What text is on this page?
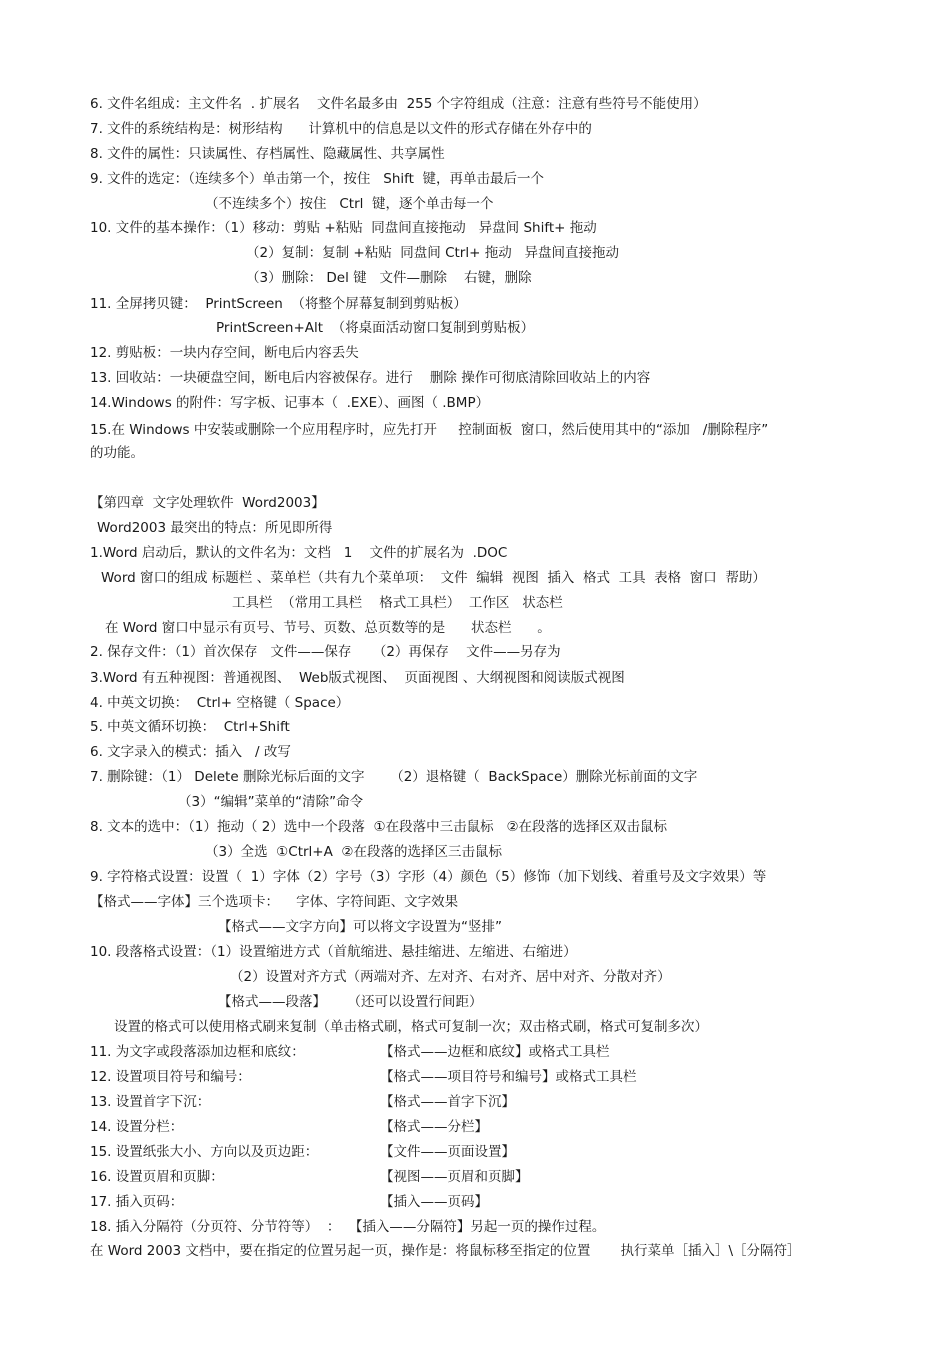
6. 文件名组成：主文件名  . 扩展名    文件名最多由  255 个字符组成（注意：注意有些符号不能使用）
7. 文件的系统结构是：树形结构      计算机中的信息是以文件的形式存储在外存中的
8. 文件的属性：只读属性、存档属性、隐藏属性、共享属性
9. 文件的选定：（连续多个）单击第一个，按住   Shift  键，再单击最后一个
（不连续多个）按住   Ctrl  键，逐个单击每一个
10. 文件的基本操作：（1）移动：剪贴 +粘贴  同盘间直接拖动   异盘间 Shift+ 拖动
（2）复制：复制 +粘贴  同盘间 Ctrl+ 拖动   异盘间直接拖动
（3）删除： Del 键   文件—删除    右键，删除
11. 全屏拷贝键：  PrintScreen  （将整个屏幕复制到剪贴板）
PrintScreen+Alt  （将桌面活动窗口复制到剪贴板）
12. 剪贴板：一块内存空间，断电后内容丢失
13. 回收站：一块硬盘空间，断电后内容被保存。进行    删除 操作可彻底清除回收站上的内容
14.Windows 的附件：写字板、记事本（  .EXE）、画图（ .BMP）
15.在 Windows 中安装或删除一个应用程序时，应先打开     控制面板  窗口，然后使用其中的“添加   /删除程序”
的功能。
【第四章  文字处理软件  Word2003】
Word2003 最突出的特点：所见即所得
1.Word 启动后，默认的文件名为：文档   1    文件的扩展名为  .DOC
Word 窗口的组成 标题栏 、菜单栏（共有九个菜单项：  文件  编辑  视图  插入  格式  工具  表格  窗口  帮助）
工具栏  （常用工具栏    格式工具栏）  工作区   状态栏
在 Word 窗口中显示有页号、节号、页数、总页数等的是      状态栏      。
2. 保存文件：（1）首次保存   文件——保存     （2）再保存    文件——另存为
3.Word 有五种视图：普通视图、  Web版式视图、  页面视图 、大纲视图和阅读版式视图
4. 中英文切换：  Ctrl+ 空格键（ Space）
5. 中英文循环切换：  Ctrl+Shift
6. 文字录入的模式：插入   / 改写
7. 删除键：（1） Delete 删除光标后面的文字      （2）退格键（  BackSpace）删除光标前面的文字
（3）“编辑”菜单的“清除”命令
8. 文本的选中：（1）拖动（ 2）选中一个段落  ①在段落中三击鼠标   ②在段落的选择区双击鼠标
（3）全选  ①Ctrl+A  ②在段落的选择区三击鼠标
9. 字符格式设置：设置（  1）字体（2）字号（3）字形（4）颜色（5）修饰（加下划线、着重号及文字效果）等
【格式——字体】三个选项卡：    字体、字符间距、文字效果
【格式——文字方向】可以将文字设置为“竖排”
10. 段落格式设置：（1）设置缩进方式（首航缩进、悬挂缩进、左缩进、右缩进）
（2）设置对齐方式（两端对齐、左对齐、右对齐、居中对齐、分散对齐）
【格式——段落】     （还可以设置行间距）
设置的格式可以使用格式刷来复制（单击格式刷，格式可复制一次；双击格式刷，格式可复制多次）
11. 为文字或段落添加边框和底纹：	【格式——边框和底纹】或格式工具栏
12. 设置项目符号和编号：	【格式——项目符号和编号】或格式工具栏
13. 设置首字下沉：	【格式——首字下沉】
14. 设置分栏：	【格式——分栏】
15. 设置纸张大小、方向以及页边距：	【文件——页面设置】
16. 设置页眉和页脚：	【视图——页眉和页脚】
17. 插入页码：	【插入——页码】
18. 插入分隔符（分页符、分节符等）  ：  【插入——分隔符】另起一页的操作过程。
在 Word 2003 文档中，要在指定的位置另起一页，操作是：将鼠标移至指定的位置       执行菜单［插入］\［分隔符］
